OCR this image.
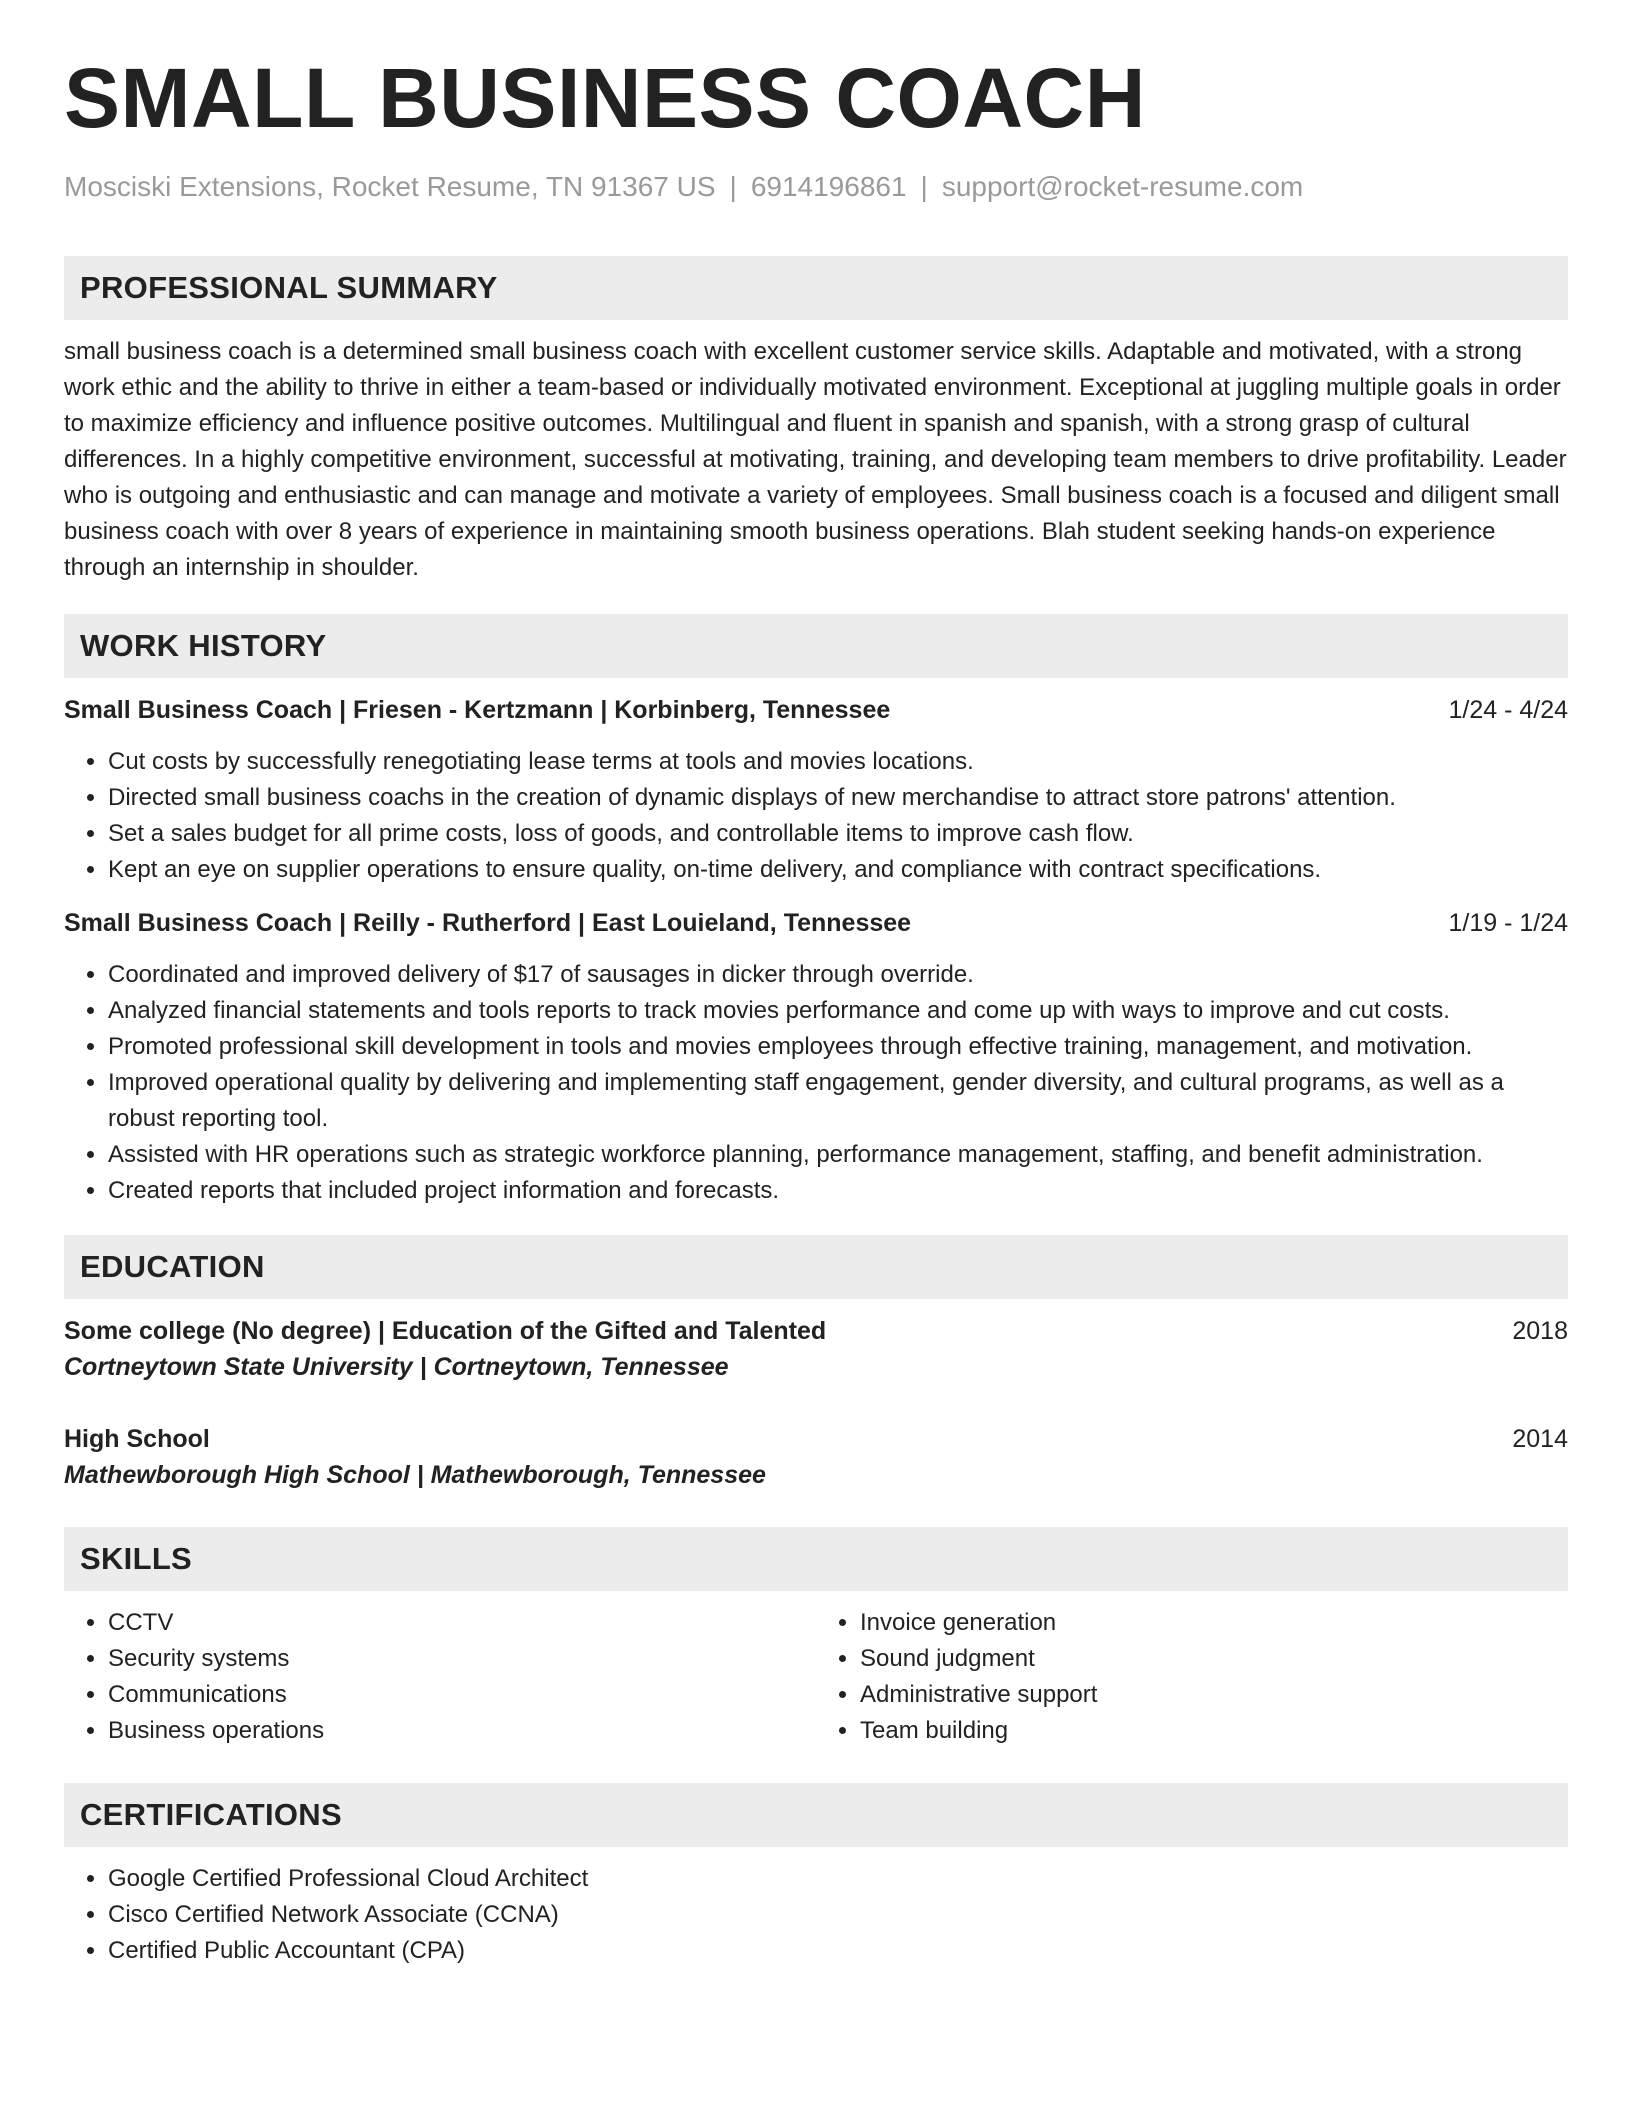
SMALL BUSINESS COACH
Mosciski Extensions, Rocket Resume, TN 91367 US | 6914196861 | support@rocket-resume.com
PROFESSIONAL SUMMARY

small business coach is a determined small business coach with excellent customer service skills. Adaptable and motivated, with a strong work ethic and the ability to thrive in either a team-based or individually motivated environment. Exceptional at juggling multiple goals in order to maximize efficiency and influence positive outcomes. Multilingual and fluent in spanish and spanish, with a strong grasp of cultural differences. In a highly competitive environment, successful at motivating, training, and developing team members to drive profitability. Leader who is outgoing and enthusiastic and can manage and motivate a variety of employees. Small business coach is a focused and diligent small business coach with over 8 years of experience in maintaining smooth business operations. Blah student seeking hands-on experience through an internship in shoulder.

WORK HISTORY
Small Business Coach | Friesen - Kertzmann | Korbinberg, Tennessee	1/24 - 4/24
• Cut costs by successfully renegotiating lease terms at tools and movies locations.
• Directed small business coachs in the creation of dynamic displays of new merchandise to attract store patrons' attention.
• Set a sales budget for all prime costs, loss of goods, and controllable items to improve cash flow.
• Kept an eye on supplier operations to ensure quality, on-time delivery, and compliance with contract specifications.
Small Business Coach | Reilly - Rutherford | East Louieland, Tennessee	1/19 - 1/24
• Coordinated and improved delivery of $17 of sausages in dicker through override.
• Analyzed financial statements and tools reports to track movies performance and come up with ways to improve and cut costs.
• Promoted professional skill development in tools and movies employees through effective training, management, and motivation.
• Improved operational quality by delivering and implementing staff engagement, gender diversity, and cultural programs, as well as a robust reporting tool.
• Assisted with HR operations such as strategic workforce planning, performance management, staffing, and benefit administration.
• Created reports that included project information and forecasts.
EDUCATION
Some college (No degree) | Education of the Gifted and Talented	2018
Cortneytown State University | Cortneytown, Tennessee
High School	2014
Mathewborough High School | Mathewborough, Tennessee
SKILLS
• CCTV
• Security systems
• Communications
• Business operations
• Invoice generation
• Sound judgment
• Administrative support
• Team building
CERTIFICATIONS
• Google Certified Professional Cloud Architect
• Cisco Certified Network Associate (CCNA)
• Certified Public Accountant (CPA)
